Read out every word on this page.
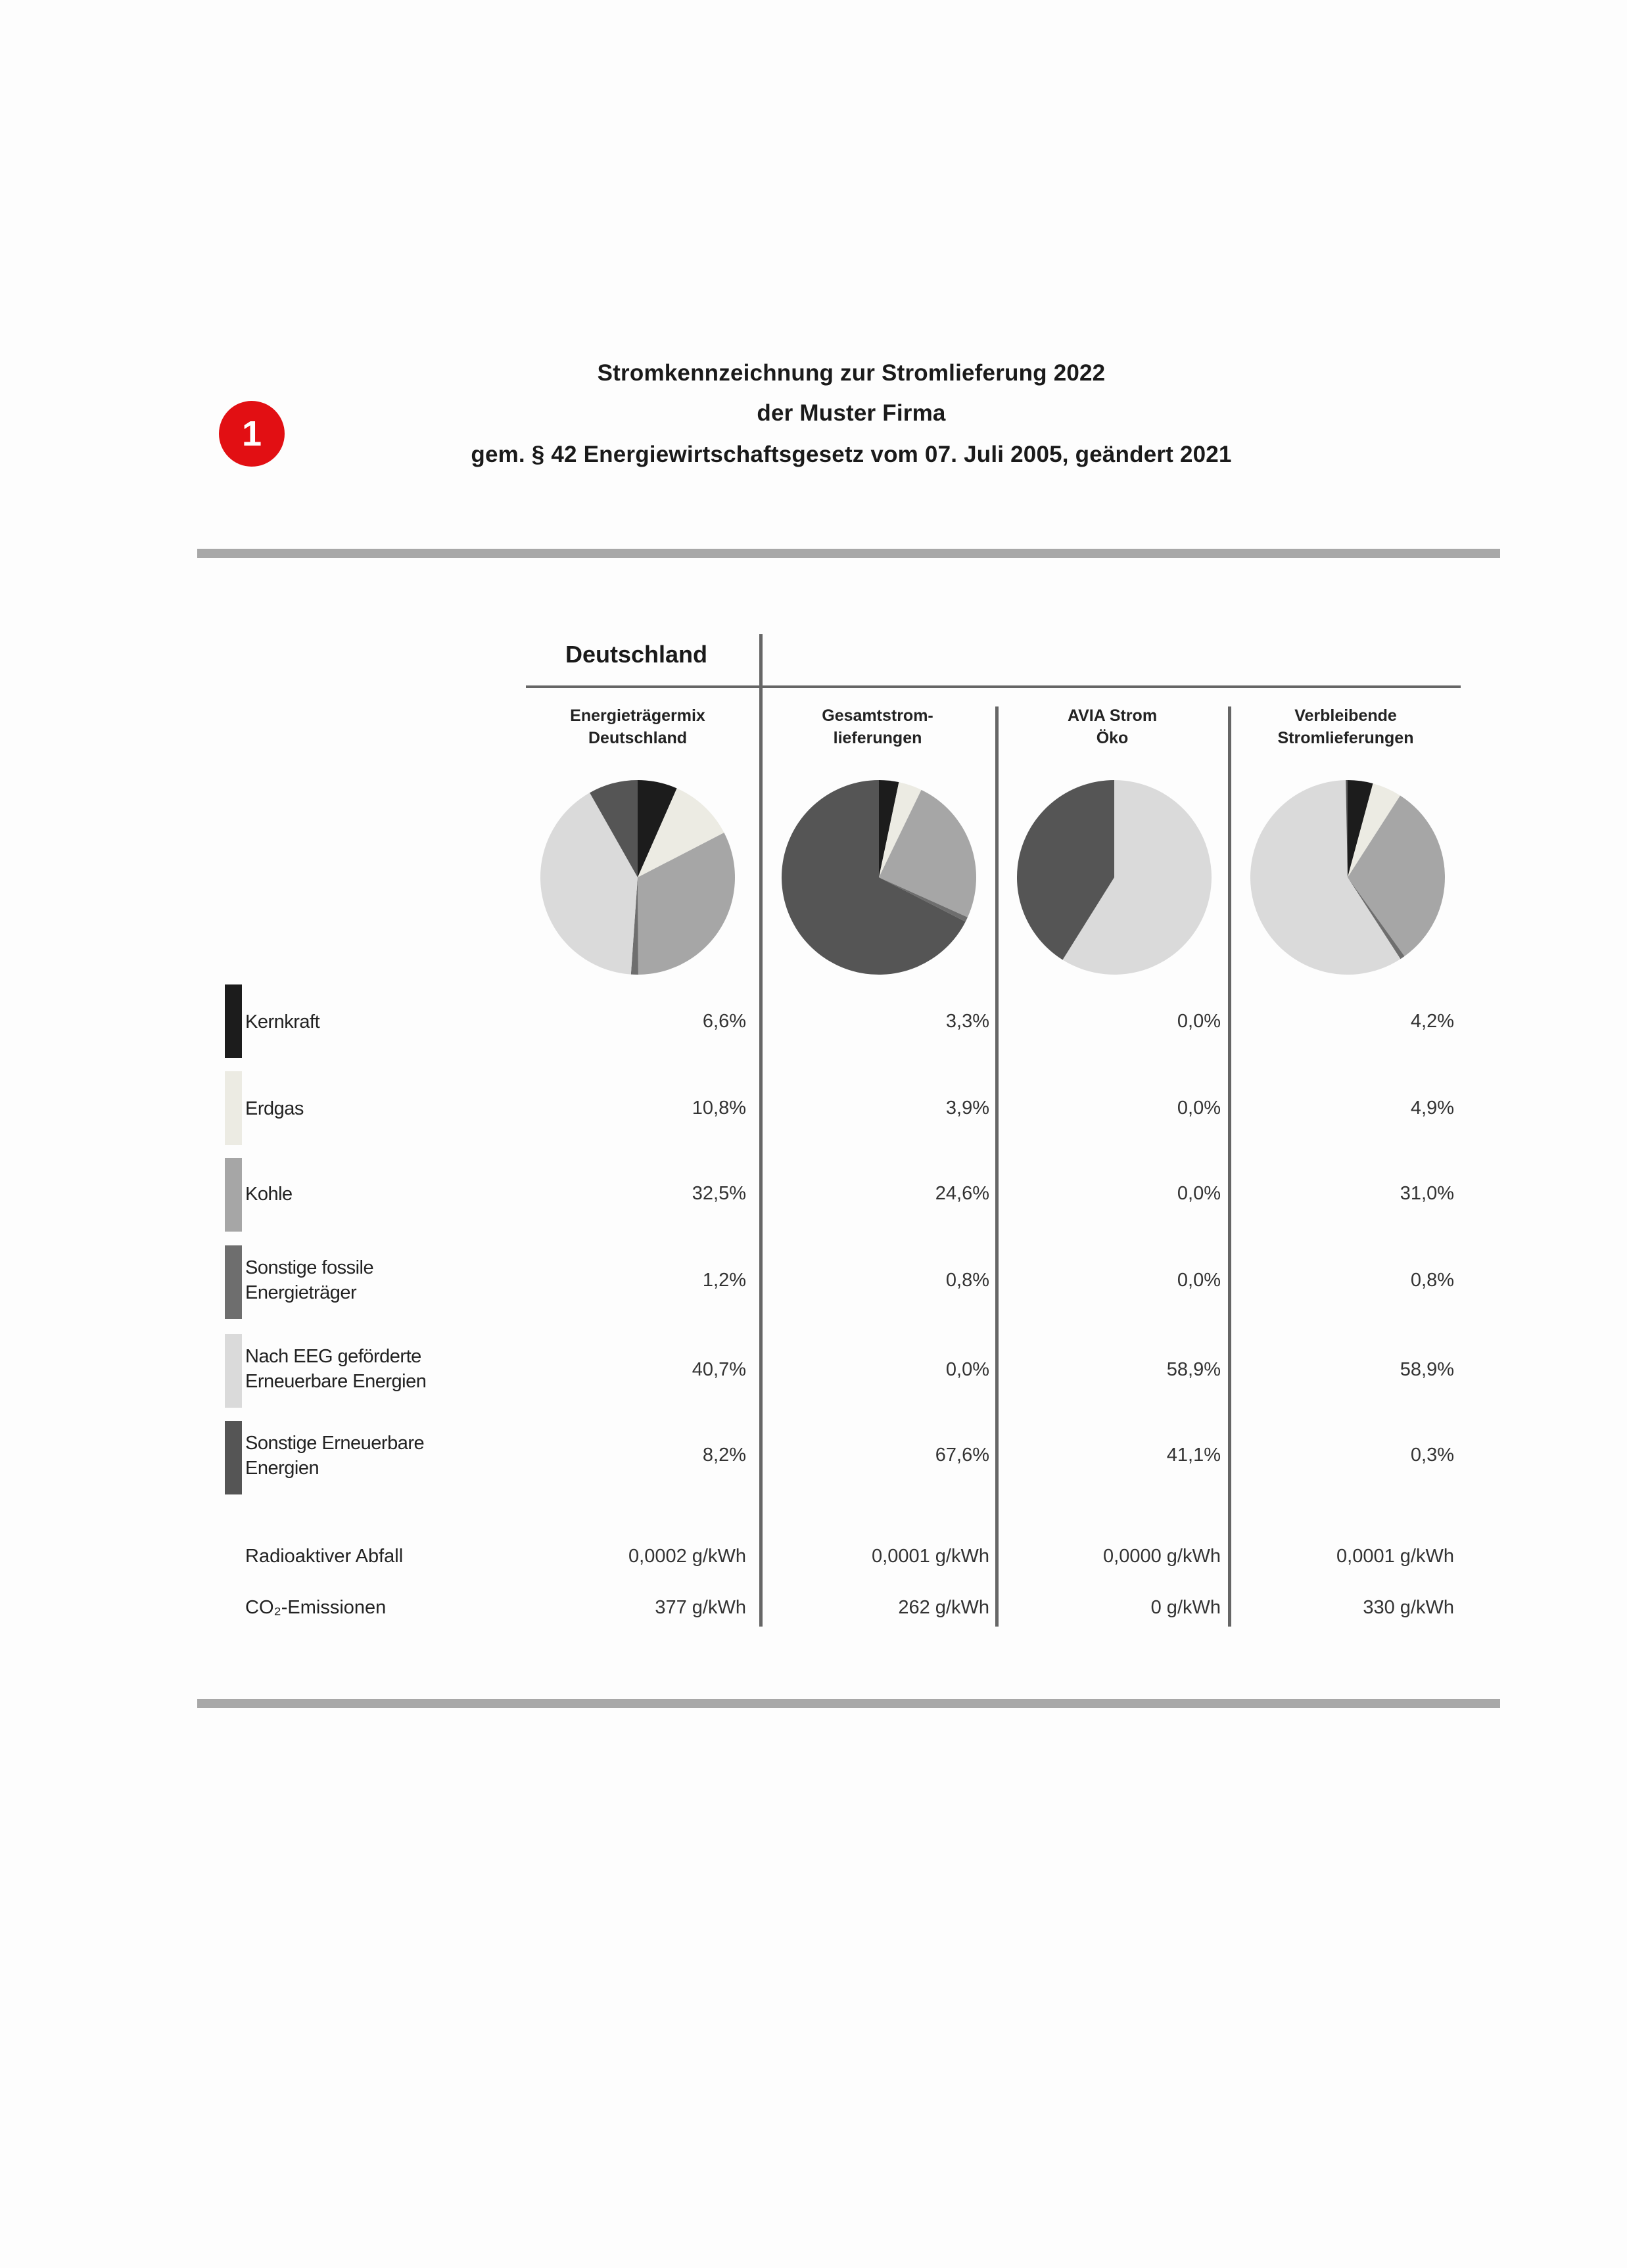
1
Stromkennzeichnung zur Stromlieferung 2022
der Muster Firma
gem. § 42 Energiewirtschaftsgesetz vom 07. Juli 2005, geändert 2021
Deutschland
Energieträgermix
Deutschland
Gesamtstrom-
lieferungen
AVIA Strom
Öko
Verbleibende
Stromlieferungen
Kernkraft	6,6%	3,3%	0,0%	4,2%
Erdgas	10,8%	3,9%	0,0%	4,9%
Kohle	32,5%	24,6%	0,0%	31,0%
Sonstige fossile
Energieträger
1,2%	0,8%	0,0%	0,8%
Nach EEG geförderte
Erneuerbare Energien
40,7%	0,0%	58,9%	58,9%
Sonstige Erneuerbare
Energien
8,2%	67,6%	41,1%	0,3%
Radioaktiver Abfall	0,0002 g/kWh	0,0001 g/kWh	0,0000 g/kWh	0,0001 g/kWh
CO₂-Emissionen	377 g/kWh	262 g/kWh	0 g/kWh	330 g/kWh
